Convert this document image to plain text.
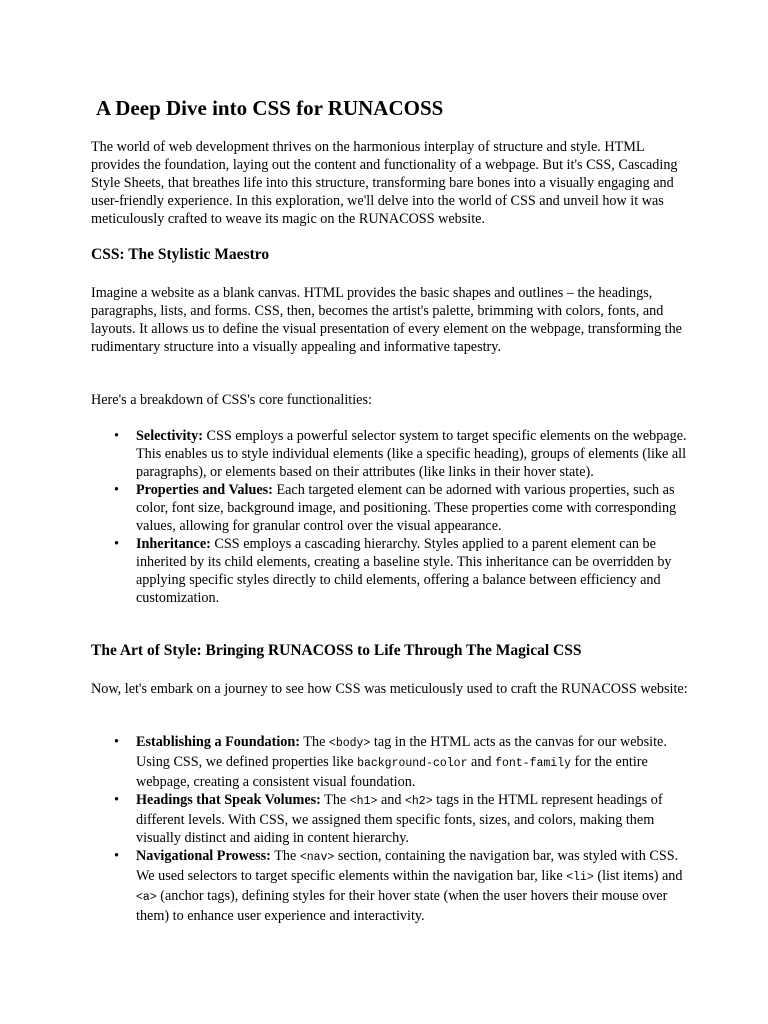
A Deep Dive into CSS for RUNACOSS

The world of web development thrives on the harmonious interplay of structure and style. HTML provides the foundation, laying out the content and functionality of a webpage. But it's CSS, Cascading Style Sheets, that breathes life into this structure, transforming bare bones into a visually engaging and user-friendly experience. In this exploration, we'll delve into the world of CSS and unveil how it was meticulously crafted to weave its magic on the RUNACOSS website.

CSS: The Stylistic Maestro

Imagine a website as a blank canvas. HTML provides the basic shapes and outlines – the headings, paragraphs, lists, and forms. CSS, then, becomes the artist's palette, brimming with colors, fonts, and layouts. It allows us to define the visual presentation of every element on the webpage, transforming the rudimentary structure into a visually appealing and informative tapestry.

Here's a breakdown of CSS's core functionalities:

• Selectivity: CSS employs a powerful selector system to target specific elements on the webpage. This enables us to style individual elements (like a specific heading), groups of elements (like all paragraphs), or elements based on their attributes (like links in their hover state).
• Properties and Values: Each targeted element can be adorned with various properties, such as color, font size, background image, and positioning. These properties come with corresponding values, allowing for granular control over the visual appearance.
• Inheritance: CSS employs a cascading hierarchy. Styles applied to a parent element can be inherited by its child elements, creating a baseline style. This inheritance can be overridden by applying specific styles directly to child elements, offering a balance between efficiency and customization.
The Art of Style: Bringing RUNACOSS to Life Through The Magical CSS

Now, let's embark on a journey to see how CSS was meticulously used to craft the RUNACOSS website:

• Establishing a Foundation: The <body> tag in the HTML acts as the canvas for our website. Using CSS, we defined properties like background-color and font-family for the entire webpage, creating a consistent visual foundation.
• Headings that Speak Volumes: The <h1> and <h2> tags in the HTML represent headings of different levels. With CSS, we assigned them specific fonts, sizes, and colors, making them visually distinct and aiding in content hierarchy.
• Navigational Prowess: The <nav> section, containing the navigation bar, was styled with CSS. We used selectors to target specific elements within the navigation bar, like <li> (list items) and <a> (anchor tags), defining styles for their hover state (when the user hovers their mouse over them) to enhance user experience and interactivity.
